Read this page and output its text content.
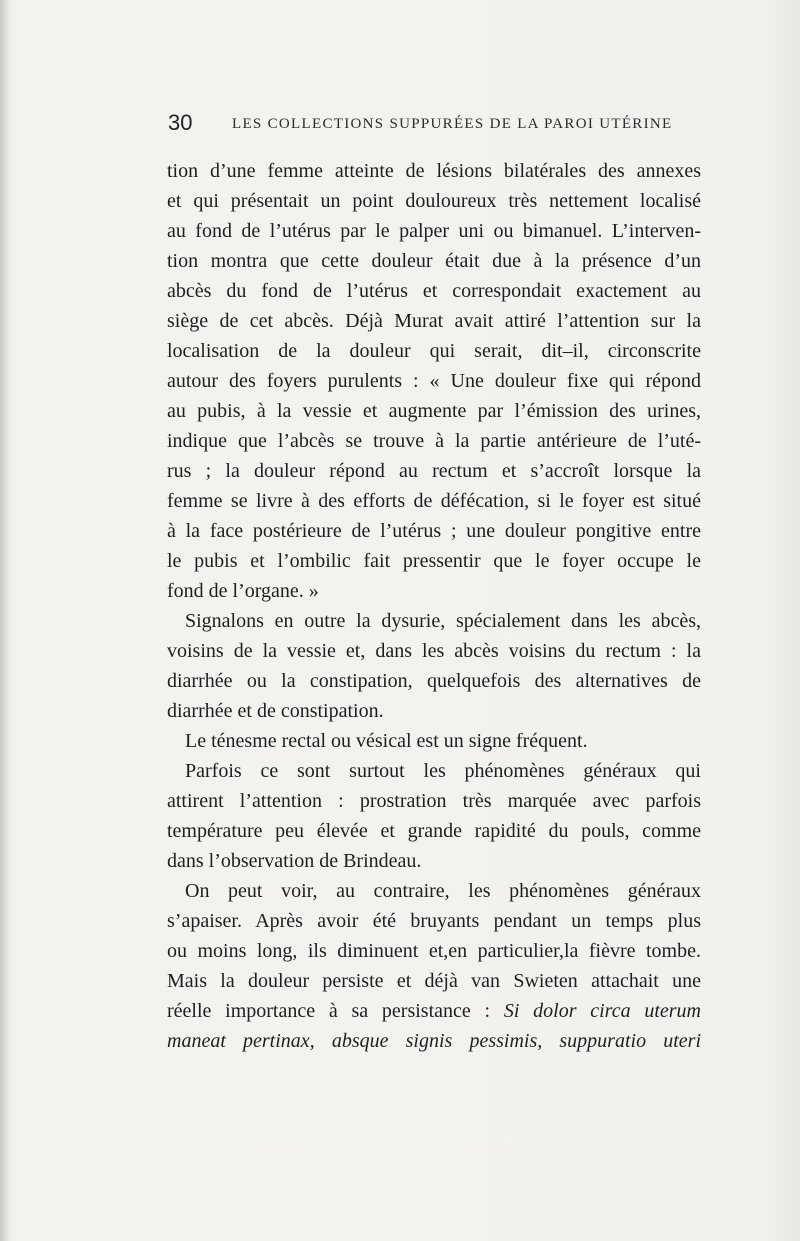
30	LES COLLECTIONS SUPPURÉES DE LA PAROI UTÉRINE
tion d’une femme atteinte de lésions bilatérales des annexes
et qui présentait un point douloureux très nettement localisé
au fond de l’utérus par le palper uni ou bimanuel. L’interven-
tion montra que cette douleur était due à la présence d’un
abcès du fond de l’utérus et correspondait exactement au
siège de cet abcès. Déjà Murat avait attiré l’attention sur la
localisation de la douleur qui serait, dit–il, circonscrite
autour des foyers purulents : « Une douleur fixe qui répond
au pubis, à la vessie et augmente par l’émission des urines,
indique que l’abcès se trouve à la partie antérieure de l’uté-
rus ; la douleur répond au rectum et s’accroît lorsque la
femme se livre à des efforts de défécation, si le foyer est situé
à la face postérieure de l’utérus ; une douleur pongitive entre
le pubis et l’ombilic fait pressentir que le foyer occupe le
fond de l’organe. »
Signalons en outre la dysurie, spécialement dans les abcès,
voisins de la vessie et, dans les abcès voisins du rectum : la
diarrhée ou la constipation, quelquefois des alternatives de
diarrhée et de constipation.
Le ténesme rectal ou vésical est un signe fréquent.
Parfois ce sont surtout les phénomènes généraux qui
attirent l’attention : prostration très marquée avec parfois
température peu élevée et grande rapidité du pouls, comme
dans l’observation de Brindeau.
On peut voir, au contraire, les phénomènes généraux
s’apaiser. Après avoir été bruyants pendant un temps plus
ou moins long, ils diminuent et,en particulier,la fièvre tombe.
Mais la douleur persiste et déjà van Swieten attachait une
réelle importance à sa persistance : Si dolor circa uterum
maneat pertinax, absque signis pessimis, suppuratio uteri
